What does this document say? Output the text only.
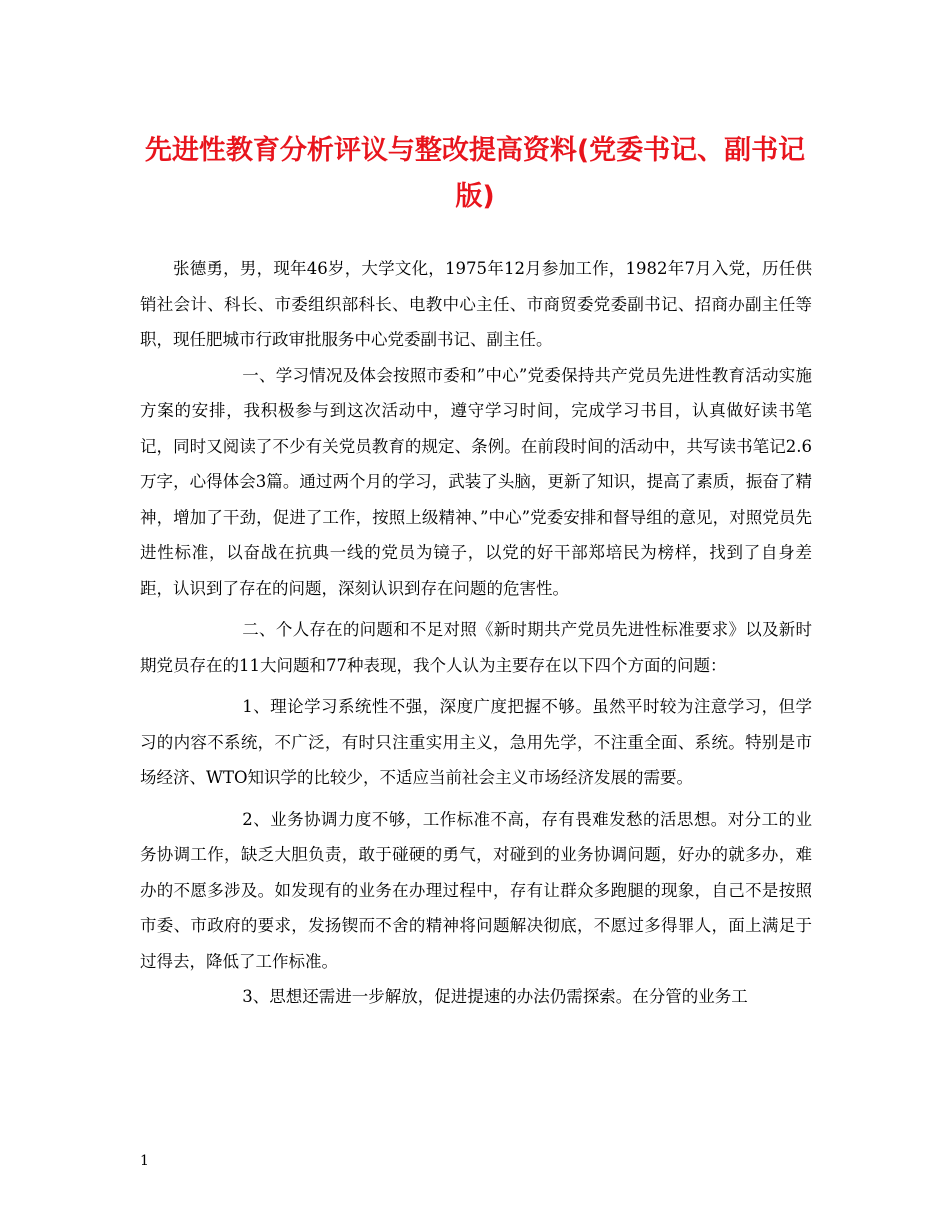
先进性教育分析评议与整改提高资料(党委书记、副书记版)

张德勇，男，现年46岁，大学文化，1975年12月参加工作，1982年7月入党，历任供销社会计、科长、市委组织部科长、电教中心主任、市商贸委党委副书记、招商办副主任等职，现任肥城市行政审批服务中心党委副书记、副主任。

一、学习情况及体会按照市委和”中心”党委保持共产党员先进性教育活动实施方案的安排，我积极参与到这次活动中，遵守学习时间，完成学习书目，认真做好读书笔记，同时又阅读了不少有关党员教育的规定、条例。在前段时间的活动中，共写读书笔记2.6万字，心得体会3篇。通过两个月的学习，武装了头脑，更新了知识，提高了素质，振奋了精神，增加了干劲，促进了工作，按照上级精神、”中心”党委安排和督导组的意见，对照党员先进性标准，以奋战在抗典一线的党员为镜子，以党的好干部郑培民为榜样，找到了自身差距，认识到了存在的问题，深刻认识到存在问题的危害性。

二、个人存在的问题和不足对照《新时期共产党员先进性标准要求》以及新时期党员存在的11大问题和77种表现，我个人认为主要存在以下四个方面的问题：

1、理论学习系统性不强，深度广度把握不够。虽然平时较为注意学习，但学习的内容不系统，不广泛，有时只注重实用主义，急用先学，不注重全面、系统。特别是市场经济、WTO知识学的比较少，不适应当前社会主义市场经济发展的需要。

2、业务协调力度不够，工作标准不高，存有畏难发愁的活思想。对分工的业务协调工作，缺乏大胆负责，敢于碰硬的勇气，对碰到的业务协调问题，好办的就多办，难办的不愿多涉及。如发现有的业务在办理过程中，存有让群众多跑腿的现象，自己不是按照市委、市政府的要求，发扬锲而不舍的精神将问题解决彻底，不愿过多得罪人，面上满足于过得去，降低了工作标准。

3、思想还需进一步解放，促进提速的办法仍需探索。在分管的业务工

1
